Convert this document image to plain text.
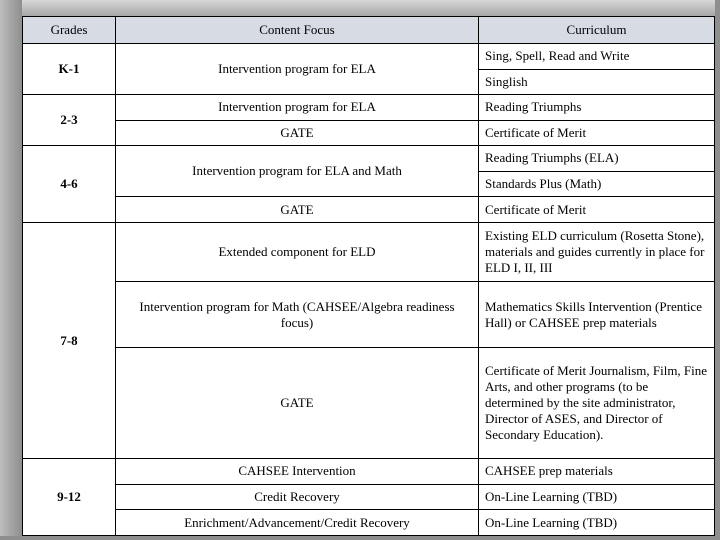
Grades	Content Focus	Curriculum
K-1	Intervention program for ELA	Sing, Spell, Read and Write
		Singlish
2-3	Intervention program for ELA	Reading Triumphs
	GATE	Certificate of Merit
4-6	Intervention program for ELA and Math	Reading Triumphs (ELA)
		Standards Plus (Math)
	GATE	Certificate of Merit
7-8	Extended component for ELD	Existing ELD curriculum (Rosetta Stone), materials and guides currently in place for ELD I, II, III
	Intervention program for Math (CAHSEE/Algebra readiness focus)	Mathematics Skills Intervention (Prentice Hall) or CAHSEE prep materials
	GATE	Certificate of Merit Journalism, Film, Fine Arts, and other programs (to be determined by the site administrator, Director of ASES, and Director of Secondary Education).
9-12	CAHSEE Intervention	CAHSEE prep materials
	Credit Recovery	On-Line Learning (TBD)
	Enrichment/Advancement/Credit Recovery	On-Line Learning (TBD)
